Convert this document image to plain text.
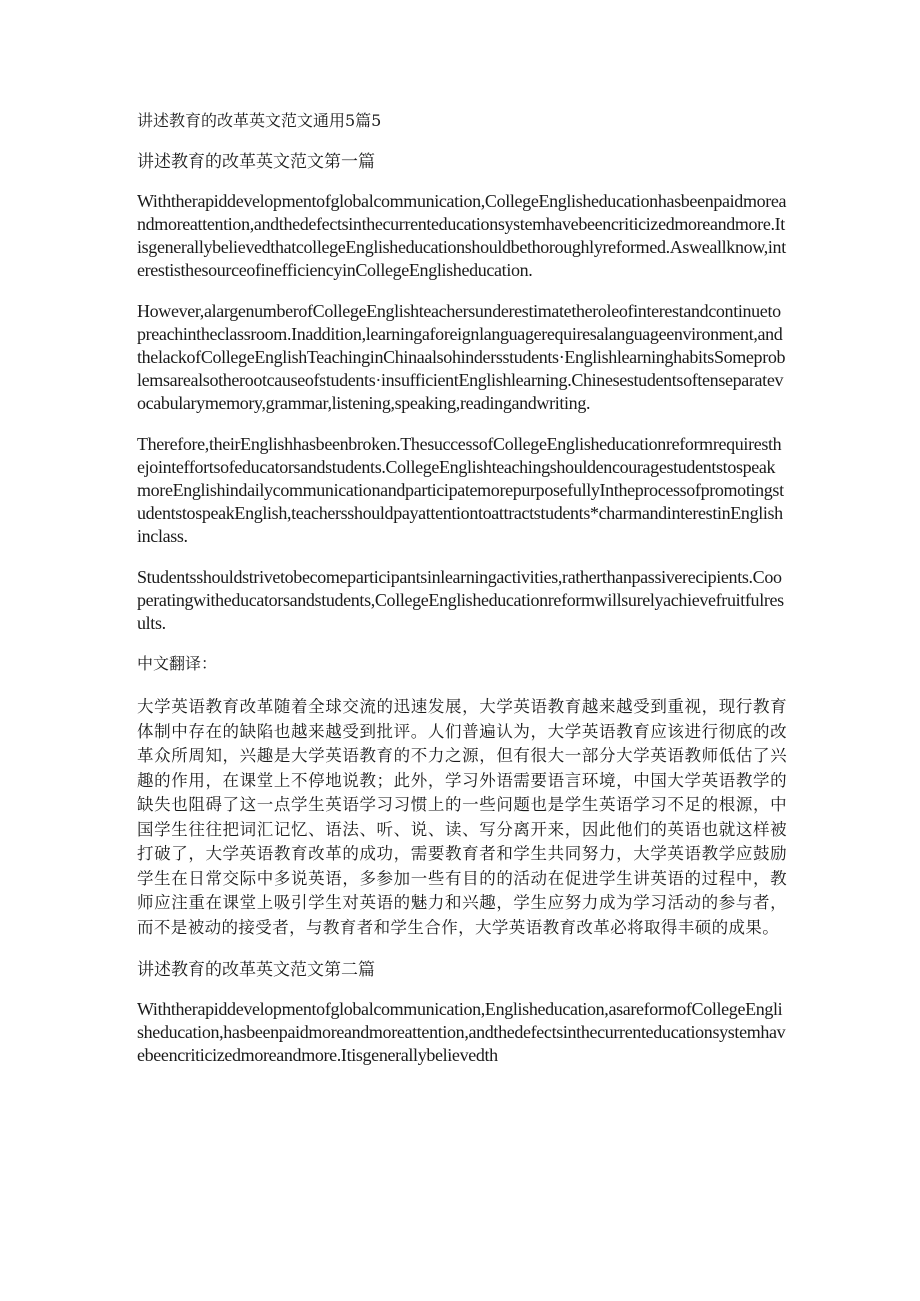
讲述教育的改革英文范文通用5篇5
讲述教育的改革英文范文第一篇

Withtherapiddevelopmentofglobalcommunication,CollegeEnglisheducationhasbeenpaidmoreandmoreattention,andthedefectsinthecurrenteducationsystemhavebeencriticizedmoreandmore.ItisgenerallybelievedthatcollegeEnglisheducationshouldbethoroughlyreformed.Asweallknow,interestisthesourceofinefficiencyinCollegeEnglisheducation.

However,alargenumberofCollegeEnglishteachersunderestimatetheroleofinterestandcontinuetopreachintheclassroom.Inaddition,learningaforeignlanguagerequiresalanguageenvironment,andthelackofCollegeEnglishTeachinginChinaalsohindersstudents·EnglishlearninghabitsSomeproblemsarealsotherootcauseofstudents·insufficientEnglishlearning.Chinesestudentsoftenseparatevocabularymemory,grammar,listening,speaking,readingandwriting.

Therefore,theirEnglishhasbeenbroken.ThesuccessofCollegeEnglisheducationreformrequiresthejointeffortsofeducatorsandstudents.CollegeEnglishteachingshouldencouragestudentstospeakmoreEnglishindailycommunicationandparticipatemorepurposefullyIntheprocessofpromotingstudentstospeakEnglish,teachersshouldpayattentiontoattractstudents*charmandinterestinEnglishinclass.

Studentsshouldstrivetobecomeparticipantsinlearningactivities,ratherthanpassiverecipients.Cooperatingwitheducatorsandstudents,CollegeEnglisheducationreformwillsurelyachievefruitfulresults.

中文翻译：

大学英语教育改革随着全球交流的迅速发展，大学英语教育越来越受到重视，现行教育体制中存在的缺陷也越来越受到批评。人们普遍认为，大学英语教育应该进行彻底的改革众所周知，兴趣是大学英语教育的不力之源，但有很大一部分大学英语教师低估了兴趣的作用，在课堂上不停地说教；此外，学习外语需要语言环境，中国大学英语教学的缺失也阻碍了这一点学生英语学习习惯上的一些问题也是学生英语学习不足的根源，中国学生往往把词汇记忆、语法、听、说、读、写分离开来，因此他们的英语也就这样被打破了，大学英语教育改革的成功，需要教育者和学生共同努力，大学英语教学应鼓励学生在日常交际中多说英语，多参加一些有目的的活动在促进学生讲英语的过程中，教师应注重在课堂上吸引学生对英语的魅力和兴趣，学生应努力成为学习活动的参与者，而不是被动的接受者，与教育者和学生合作，大学英语教育改革必将取得丰硕的成果。

讲述教育的改革英文范文第二篇

Withtherapiddevelopmentofglobalcommunication,Englisheducation,asareformofCollegeEnglisheducation,hasbeenpaidmoreandmoreattention,andthedefectsinthecurrenteducationsystemhavebeencriticizedmoreandmore.Itisgenerallybelievedth
